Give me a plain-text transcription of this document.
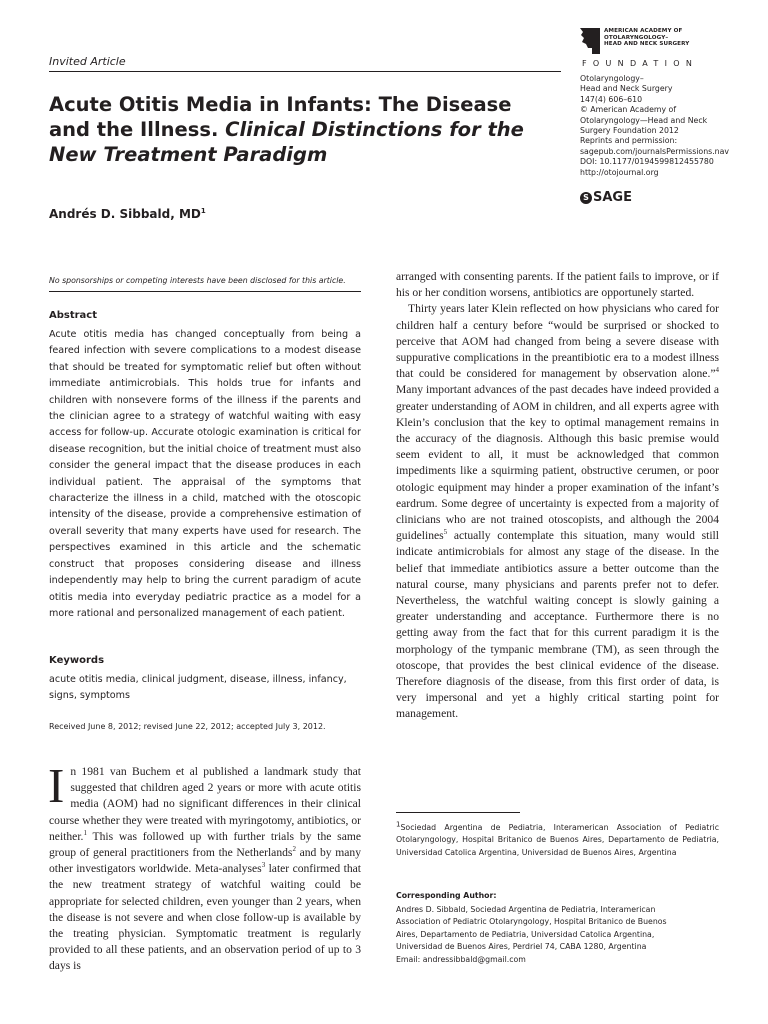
Invited Article
AMERICAN ACADEMY OF
OTOLARYNGOLOGY–
HEAD AND NECK SURGERY
FOUNDATION
Otolaryngology–
Head and Neck Surgery
147(4) 606–610
© American Academy of
Otolaryngology—Head and Neck
Surgery Foundation 2012
Reprints and permission:
sagepub.com/journalsPermissions.nav
DOI: 10.1177/0194599812455780
http://otojournal.org
S SAGE
Acute Otitis Media in Infants: The Disease and the Illness. Clinical Distinctions for the New Treatment Paradigm
Andrés D. Sibbald, $MD^1$
No sponsorships or competing interests have been disclosed for this article.
Abstract
Acute otitis media has changed conceptually from being a feared infection with severe complications to a modest disease that should be treated for symptomatic relief but often without immediate antimicrobials. This holds true for infants and children with nonsevere forms of the illness if the parents and the clinician agree to a strategy of watchful waiting with easy access for follow-up. Accurate otologic examination is critical for disease recognition, but the initial choice of treatment must also consider the general impact that the disease produces in each individual patient. The appraisal of the symptoms that characterize the illness in a child, matched with the otoscopic intensity of the disease, provide a comprehensive estimation of overall severity that many experts have used for research. The perspectives examined in this article and the schematic construct that proposes considering disease and illness independently may help to bring the current paradigm of acute otitis media into everyday pediatric practice as a model for a more rational and personalized management of each patient.
Keywords
acute otitis media, clinical judgment, disease, illness, infancy, signs, symptoms
Received June 8, 2012; revised June 22, 2012; accepted July 3, 2012.
In 1981 van Buchem et al published a landmark study that suggested that children aged 2 years or more with acute otitis media (AOM) had no significant differences in their clinical course whether they were treated with myringotomy, antibiotics, or neither.$^1$ This was followed up with further trials by the same group of general practitioners from the Netherlands$^2$ and by many other investigators worldwide. Meta-analyses$^3$ later confirmed that the new treatment strategy of watchful waiting could be appropriate for selected children, even younger than 2 years, when the disease is not severe and when close follow-up is available by the treating physician. Symptomatic treatment is regularly provided to all these patients, and an observation period of up to 3 days is

arranged with consenting parents. If the patient fails to improve, or if his or her condition worsens, antibiotics are opportunely started.

Thirty years later Klein reflected on how physicians who cared for children half a century before “would be surprised or shocked to perceive that AOM had changed from being a severe disease with suppurative complications in the preantibiotic era to a modest illness that could be considered for management by observation alone.”$^4$ Many important advances of the past decades have indeed provided a greater understanding of AOM in children, and all experts agree with Klein’s conclusion that the key to optimal management remains in the accuracy of the diagnosis. Although this basic premise would seem evident to all, it must be acknowledged that common impediments like a squirming patient, obstructive cerumen, or poor otologic equipment may hinder a proper examination of the infant’s eardrum. Some degree of uncertainty is expected from a majority of clinicians who are not trained otoscopists, and although the 2004 guidelines$^5$ actually contemplate this situation, many would still indicate antimicrobials for almost any stage of the disease. In the belief that immediate antibiotics assure a better outcome than the natural course, many physicians and parents prefer not to defer. Nevertheless, the watchful waiting concept is slowly gaining a greater understanding and acceptance. Furthermore there is no getting away from the fact that for this current paradigm it is the morphology of the tympanic membrane (TM), as seen through the otoscope, that provides the best clinical evidence of the disease. Therefore diagnosis of the disease, from this first order of data, is very impersonal and yet a highly critical starting point for management.

$^1$Sociedad Argentina de Pediatria, Interamerican Association of Pediatric Otolaryngology, Hospital Britanico de Buenos Aires, Departamento de Pediatria, Universidad Catolica Argentina, Universidad de Buenos Aires, Argentina
Corresponding Author:
Andres D. Sibbald, Sociedad Argentina de Pediatria, Interamerican
Association of Pediatric Otolaryngology, Hospital Britanico de Buenos
Aires, Departamento de Pediatria, Universidad Catolica Argentina,
Universidad de Buenos Aires, Perdriel 74, CABA 1280, Argentina
Email: andressibbald@gmail.com
